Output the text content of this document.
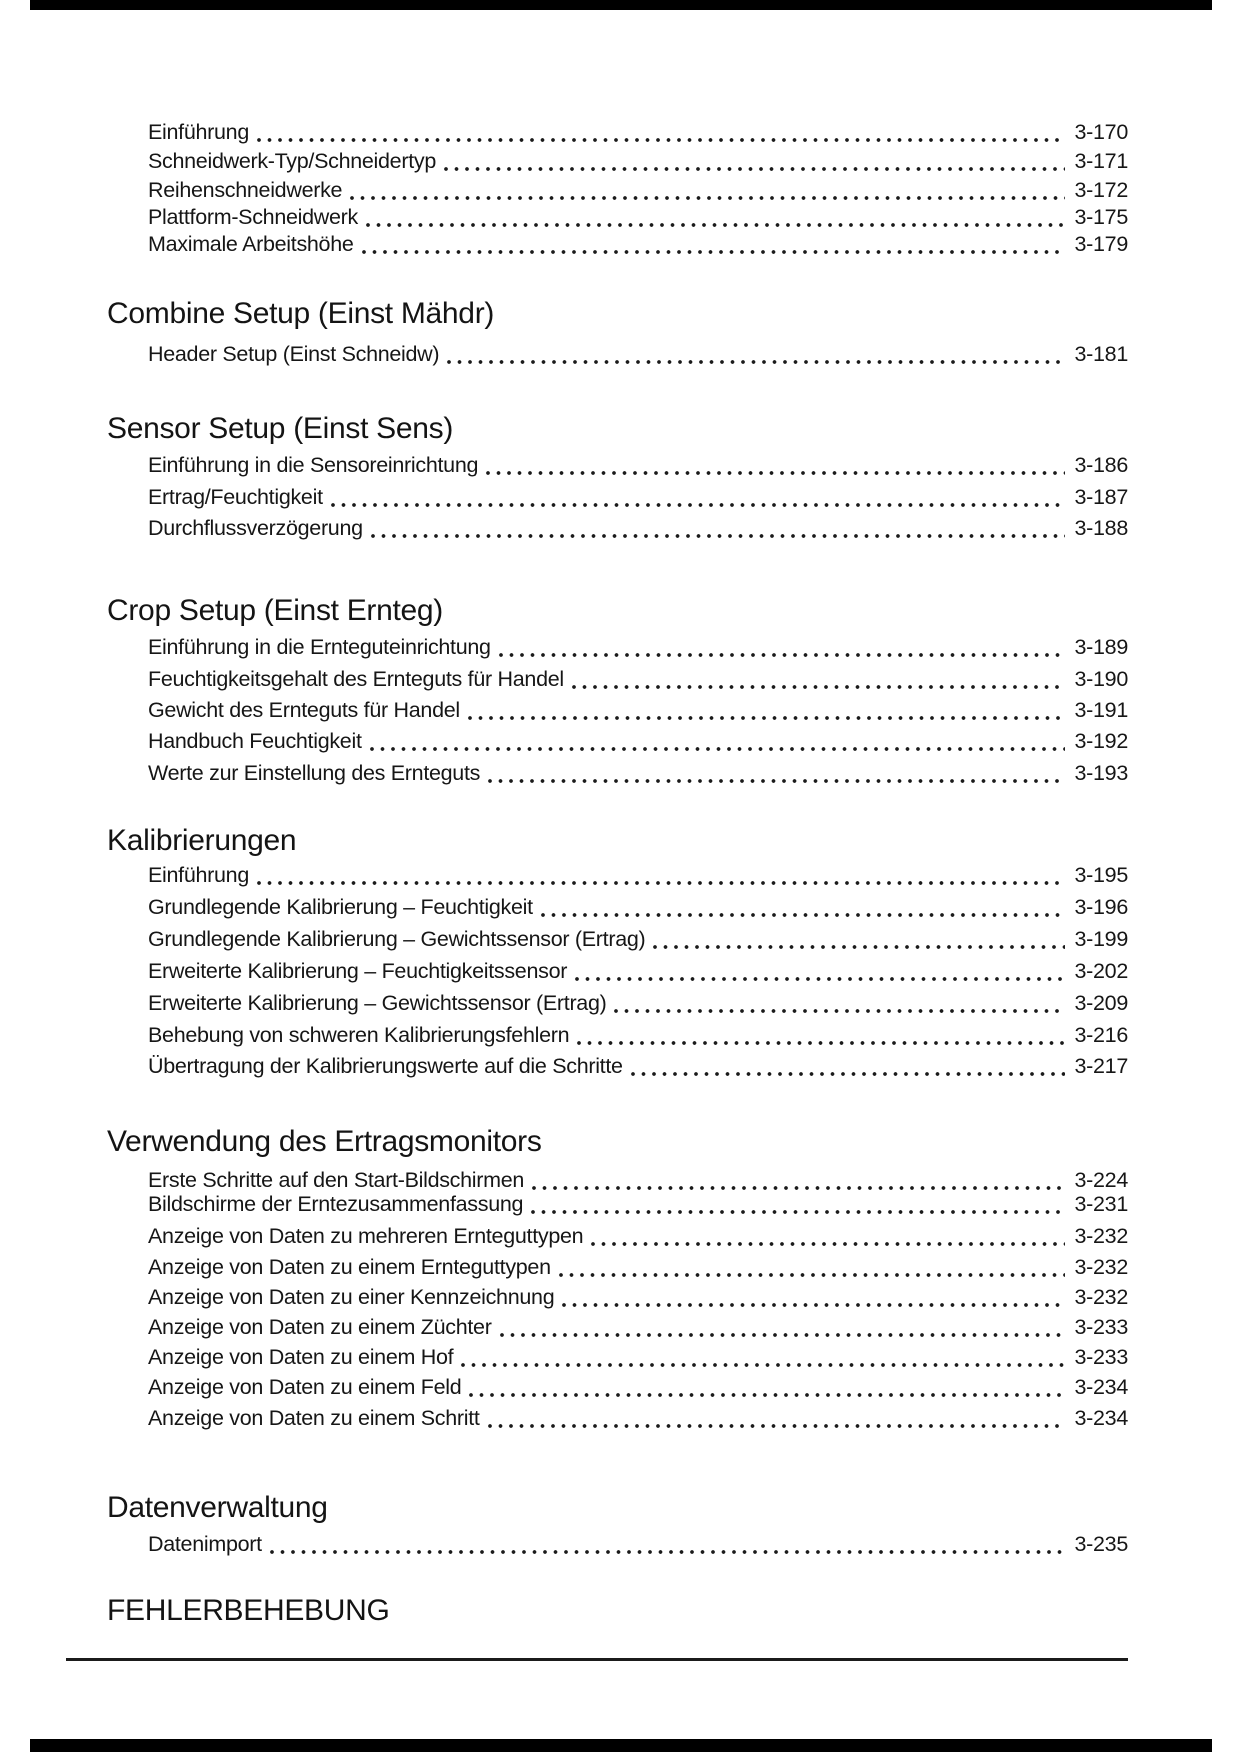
Einführung	3-170
Schneidwerk-Typ/Schneidertyp	3-171
Reihenschneidwerke	3-172
Plattform-Schneidwerk	3-175
Maximale Arbeitshöhe	3-179
Combine Setup (Einst Mähdr)
Header Setup (Einst Schneidw)	3-181
Sensor Setup (Einst Sens)
Einführung in die Sensoreinrichtung	3-186
Ertrag/Feuchtigkeit	3-187
Durchflussverzögerung	3-188
Crop Setup (Einst Ernteg)
Einführung in die Ernteguteinrichtung	3-189
Feuchtigkeitsgehalt des Ernteguts für Handel	3-190
Gewicht des Ernteguts für Handel	3-191
Handbuch Feuchtigkeit	3-192
Werte zur Einstellung des Ernteguts	3-193
Kalibrierungen
Einführung	3-195
Grundlegende Kalibrierung – Feuchtigkeit	3-196
Grundlegende Kalibrierung – Gewichtssensor (Ertrag)	3-199
Erweiterte Kalibrierung – Feuchtigkeitssensor	3-202
Erweiterte Kalibrierung – Gewichtssensor (Ertrag)	3-209
Behebung von schweren Kalibrierungsfehlern	3-216
Übertragung der Kalibrierungswerte auf die Schritte	3-217
Verwendung des Ertragsmonitors
Erste Schritte auf den Start-Bildschirmen	3-224
Bildschirme der Erntezusammenfassung	3-231
Anzeige von Daten zu mehreren Ernteguttypen	3-232
Anzeige von Daten zu einem Ernteguttypen	3-232
Anzeige von Daten zu einer Kennzeichnung	3-232
Anzeige von Daten zu einem Züchter	3-233
Anzeige von Daten zu einem Hof	3-233
Anzeige von Daten zu einem Feld	3-234
Anzeige von Daten zu einem Schritt	3-234
Datenverwaltung
Datenimport	3-235
FEHLERBEHEBUNG
